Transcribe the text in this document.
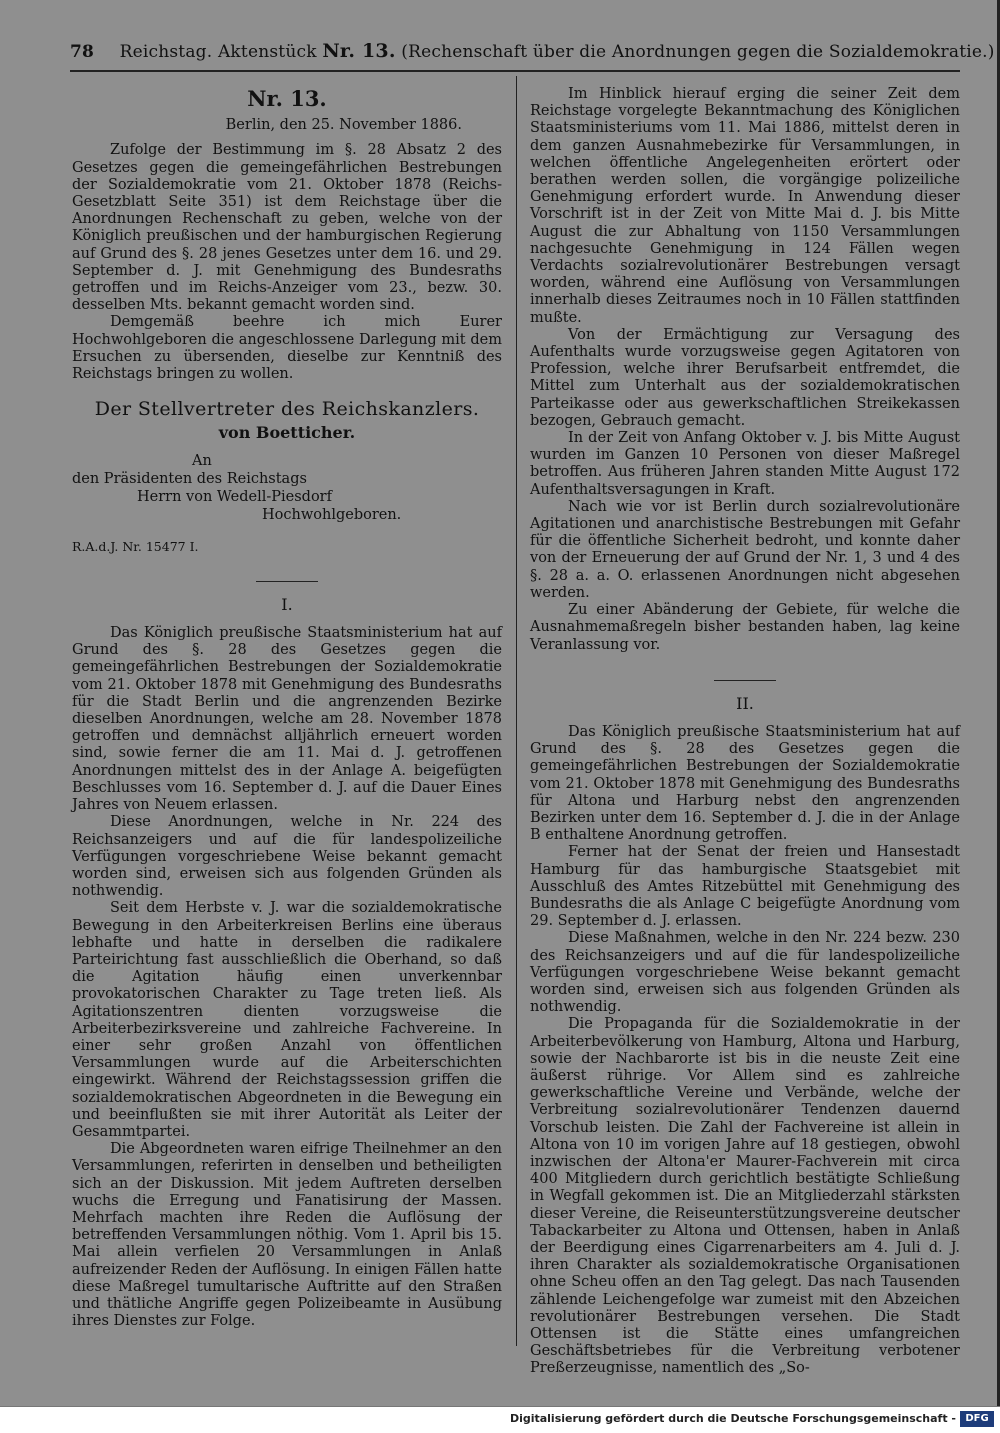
78 Reichstag. Aktenstück Nr. 13. (Rechenschaft über die Anordnungen gegen die Sozialdemokratie.)
Nr. 13.
Berlin, den 25. November 1886.

Zufolge der Bestimmung im §. 28 Absatz 2 des Gesetzes gegen die gemeingefährlichen Bestrebungen der Sozialdemokratie vom 21. Oktober 1878 (Reichs-Gesetzblatt Seite 351) ist dem Reichstage über die Anordnungen Rechenschaft zu geben, welche von der Königlich preußischen und der hamburgischen Regierung auf Grund des §. 28 jenes Gesetzes unter dem 16. und 29. September d. J. mit Genehmigung des Bundesraths getroffen und im Reichs-Anzeiger vom 23., bezw. 30. desselben Mts. bekannt gemacht worden sind.

Demgemäß beehre ich mich Eurer Hochwohlgeboren die angeschlossene Darlegung mit dem Ersuchen zu übersenden, dieselbe zur Kenntniß des Reichstags bringen zu wollen.

Der Stellvertreter des Reichskanzlers.
von Boetticher.
An
den Präsidenten des Reichstags
Herrn von Wedell-Piesdorf
Hochwohlgeboren.
R.A.d.J. Nr. 15477 I.
I.

Das Königlich preußische Staatsministerium hat auf Grund des §. 28 des Gesetzes gegen die gemeingefährlichen Bestrebungen der Sozialdemokratie vom 21. Oktober 1878 mit Genehmigung des Bundesraths für die Stadt Berlin und die angrenzenden Bezirke dieselben Anordnungen, welche am 28. November 1878 getroffen und demnächst alljährlich erneuert worden sind, sowie ferner die am 11. Mai d. J. getroffenen Anordnungen mittelst des in der Anlage A. beigefügten Beschlusses vom 16. September d. J. auf die Dauer Eines Jahres von Neuem erlassen.

Diese Anordnungen, welche in Nr. 224 des Reichsanzeigers und auf die für landespolizeiliche Verfügungen vorgeschriebene Weise bekannt gemacht worden sind, erweisen sich aus folgenden Gründen als nothwendig.

Seit dem Herbste v. J. war die sozialdemokratische Bewegung in den Arbeiterkreisen Berlins eine überaus lebhafte und hatte in derselben die radikalere Parteirichtung fast ausschließlich die Oberhand, so daß die Agitation häufig einen unverkennbar provokatorischen Charakter zu Tage treten ließ. Als Agitationszentren dienten vorzugsweise die Arbeiterbezirksvereine und zahlreiche Fachvereine. In einer sehr großen Anzahl von öffentlichen Versammlungen wurde auf die Arbeiterschichten eingewirkt. Während der Reichstagssession griffen die sozialdemokratischen Abgeordneten in die Bewegung ein und beeinflußten sie mit ihrer Autorität als Leiter der Gesammtpartei.

Die Abgeordneten waren eifrige Theilnehmer an den Versammlungen, referirten in denselben und betheiligten sich an der Diskussion. Mit jedem Auftreten derselben wuchs die Erregung und Fanatisirung der Massen. Mehrfach machten ihre Reden die Auflösung der betreffenden Versammlungen nöthig. Vom 1. April bis 15. Mai allein verfielen 20 Versammlungen in Anlaß aufreizender Reden der Auflösung. In einigen Fällen hatte diese Maßregel tumultarische Auftritte auf den Straßen und thätliche Angriffe gegen Polizeibeamte in Ausübung ihres Dienstes zur Folge.

Im Hinblick hierauf erging die seiner Zeit dem Reichstage vorgelegte Bekanntmachung des Königlichen Staatsministeriums vom 11. Mai 1886, mittelst deren in dem ganzen Ausnahmebezirke für Versammlungen, in welchen öffentliche Angelegenheiten erörtert oder berathen werden sollen, die vorgängige polizeiliche Genehmigung erfordert wurde. In Anwendung dieser Vorschrift ist in der Zeit von Mitte Mai d. J. bis Mitte August die zur Abhaltung von 1150 Versammlungen nachgesuchte Genehmigung in 124 Fällen wegen Verdachts sozialrevolutionärer Bestrebungen versagt worden, während eine Auflösung von Versammlungen innerhalb dieses Zeitraumes noch in 10 Fällen stattfinden mußte.

Von der Ermächtigung zur Versagung des Aufenthalts wurde vorzugsweise gegen Agitatoren von Profession, welche ihrer Berufsarbeit entfremdet, die Mittel zum Unterhalt aus der sozialdemokratischen Parteikasse oder aus gewerkschaftlichen Streikekassen bezogen, Gebrauch gemacht.

In der Zeit von Anfang Oktober v. J. bis Mitte August wurden im Ganzen 10 Personen von dieser Maßregel betroffen. Aus früheren Jahren standen Mitte August 172 Aufenthaltsversagungen in Kraft.

Nach wie vor ist Berlin durch sozialrevolutionäre Agitationen und anarchistische Bestrebungen mit Gefahr für die öffentliche Sicherheit bedroht, und konnte daher von der Erneuerung der auf Grund der Nr. 1, 3 und 4 des §. 28 a. a. O. erlassenen Anordnungen nicht abgesehen werden.

Zu einer Abänderung der Gebiete, für welche die Ausnahmemaßregeln bisher bestanden haben, lag keine Veranlassung vor.

II.

Das Königlich preußische Staatsministerium hat auf Grund des §. 28 des Gesetzes gegen die gemeingefährlichen Bestrebungen der Sozialdemokratie vom 21. Oktober 1878 mit Genehmigung des Bundesraths für Altona und Harburg nebst den angrenzenden Bezirken unter dem 16. September d. J. die in der Anlage B enthaltene Anordnung getroffen.

Ferner hat der Senat der freien und Hansestadt Hamburg für das hamburgische Staatsgebiet mit Ausschluß des Amtes Ritzebüttel mit Genehmigung des Bundesraths die als Anlage C beigefügte Anordnung vom 29. September d. J. erlassen.

Diese Maßnahmen, welche in den Nr. 224 bezw. 230 des Reichsanzeigers und auf die für landespolizeiliche Verfügungen vorgeschriebene Weise bekannt gemacht worden sind, erweisen sich aus folgenden Gründen als nothwendig.

Die Propaganda für die Sozialdemokratie in der Arbeiterbevölkerung von Hamburg, Altona und Harburg, sowie der Nachbarorte ist bis in die neuste Zeit eine äußerst rührige. Vor Allem sind es zahlreiche gewerkschaftliche Vereine und Verbände, welche der Verbreitung sozialrevolutionärer Tendenzen dauernd Vorschub leisten. Die Zahl der Fachvereine ist allein in Altona von 10 im vorigen Jahre auf 18 gestiegen, obwohl inzwischen der Altona'er Maurer-Fachverein mit circa 400 Mitgliedern durch gerichtlich bestätigte Schließung in Wegfall gekommen ist. Die an Mitgliederzahl stärksten dieser Vereine, die Reiseunterstützungsvereine deutscher Tabackarbeiter zu Altona und Ottensen, haben in Anlaß der Beerdigung eines Cigarrenarbeiters am 4. Juli d. J. ihren Charakter als sozialdemokratische Organisationen ohne Scheu offen an den Tag gelegt. Das nach Tausenden zählende Leichengefolge war zumeist mit den Abzeichen revolutionärer Bestrebungen versehen. Die Stadt Ottensen ist die Stätte eines umfangreichen Geschäftsbetriebes für die Verbreitung verbotener Preßerzeugnisse, namentlich des „So-

Digitalisierung gefördert durch die Deutsche Forschungsgemeinschaft - DFG
